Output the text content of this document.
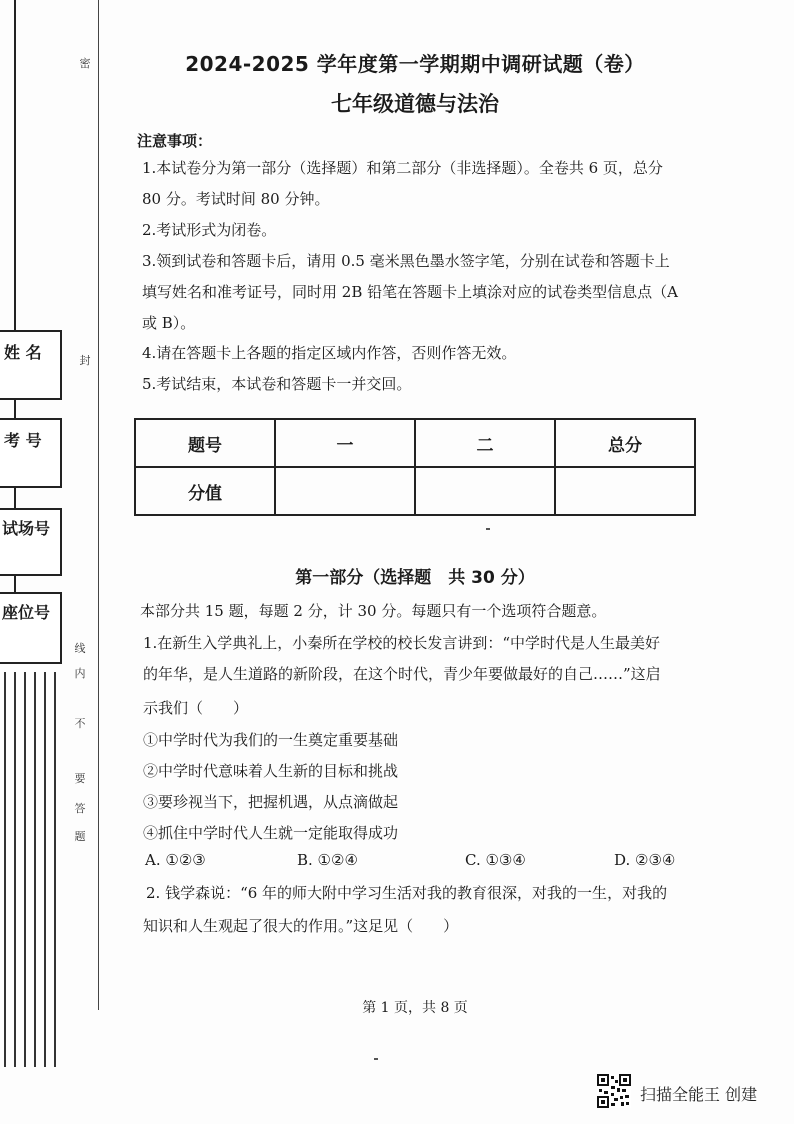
密
封
线
内
不
要
答
题
姓 名
考 号
试场号
座位号
2024-2025 学年度第一学期期中调研试题（卷）
七年级道德与法治
注意事项：
1.本试卷分为第一部分（选择题）和第二部分（非选择题）。全卷共 6 页，总分
80 分。考试时间 80 分钟。
2.考试形式为闭卷。
3.领到试卷和答题卡后，请用 0.5 毫米黑色墨水签字笔，分别在试卷和答题卡上
填写姓名和准考证号，同时用 2B 铅笔在答题卡上填涂对应的试卷类型信息点（A
或 B）。
4.请在答题卡上各题的指定区域内作答，否则作答无效。
5.考试结束，本试卷和答题卡一并交回。
题号	一	二	总分
分值			
第一部分（选择题　共 30 分）
本部分共 15 题，每题 2 分，计 30 分。每题只有一个选项符合题意。
1.在新生入学典礼上，小秦所在学校的校长发言讲到：“中学时代是人生最美好
的年华，是人生道路的新阶段，在这个时代，青少年要做最好的自己……”这启
示我们（　　）
①中学时代为我们的一生奠定重要基础
②中学时代意味着人生新的目标和挑战
③要珍视当下，把握机遇，从点滴做起
④抓住中学时代人生就一定能取得成功
A. ①②③	B. ①②④	C. ①③④	D. ②③④
2. 钱学森说：“6 年的师大附中学习生活对我的教育很深，对我的一生，对我的
知识和人生观起了很大的作用。”这足见（　　）
第 1 页，共 8 页
扫描全能王 创建
